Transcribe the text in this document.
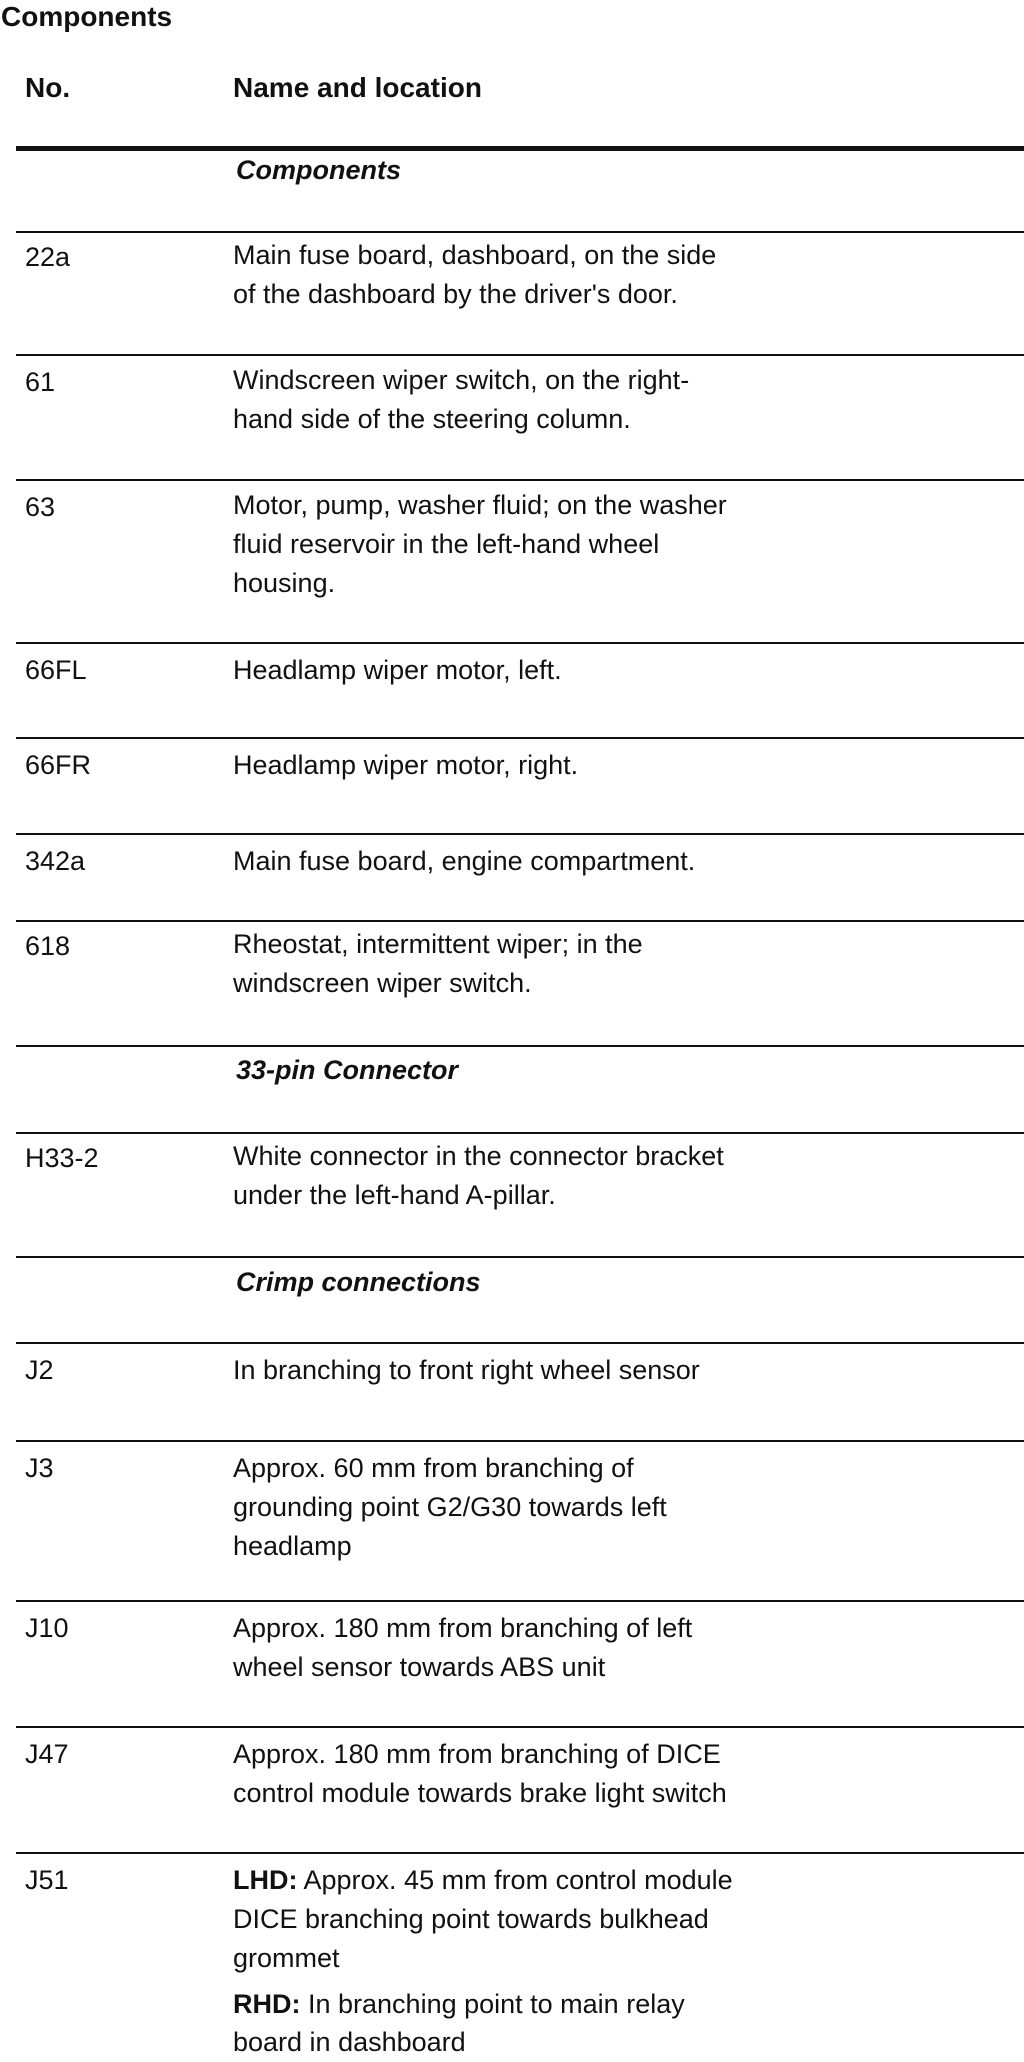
Components
No.	Name and location
Components
22a	Main fuse board, dashboard, on the side
of the dashboard by the driver's door.
61	Windscreen wiper switch, on the right-
hand side of the steering column.
63	Motor, pump, washer fluid; on the washer
fluid reservoir in the left-hand wheel
housing.
66FL	Headlamp wiper motor, left.
66FR	Headlamp wiper motor, right.
342a	Main fuse board, engine compartment.
618	Rheostat, intermittent wiper; in the
windscreen wiper switch.
33-pin Connector
H33-2	White connector in the connector bracket
under the left-hand A-pillar.
Crimp connections
J2	In branching to front right wheel sensor
J3	Approx. 60 mm from branching of
grounding point G2/G30 towards left
headlamp
J10	Approx. 180 mm from branching of left
wheel sensor towards ABS unit
J47	Approx. 180 mm from branching of DICE
control module towards brake light switch
J51	LHD: Approx. 45 mm from control module
DICE branching point towards bulkhead
grommet
RHD: In branching point to main relay
board in dashboard
